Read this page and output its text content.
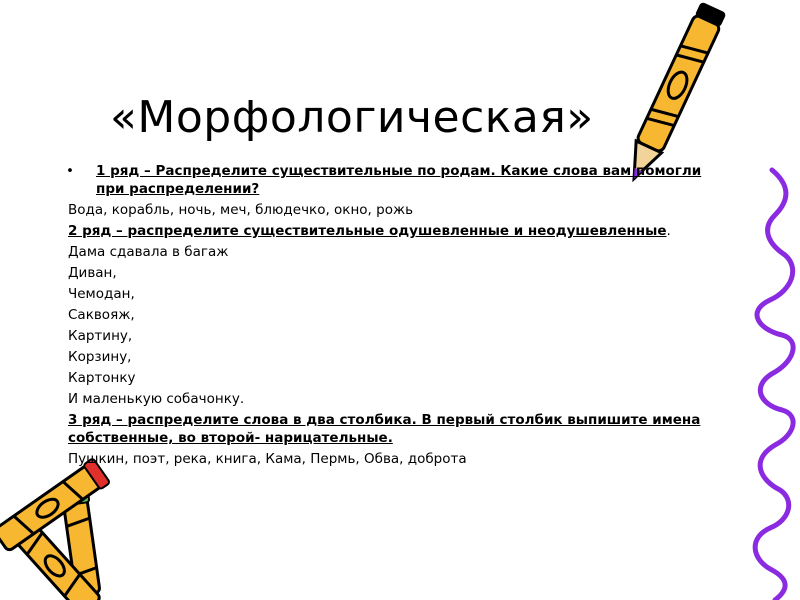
«Морфологическая»
• 1 ряд – Распределите существительные по родам. Какие слова вам помогли при распределении?
Вода, корабль, ночь, меч, блюдечко, окно, рожь
2 ряд – распределите существительные одушевленные и неодушевленные.
Дама сдавала в багаж
Диван,
Чемодан,
Саквояж,
Картину,
Корзину,
Картонку
И маленькую собачонку.
3 ряд – распределите слова в два столбика. В первый столбик выпишите имена собственные, во второй- нарицательные.
Пушкин, поэт, река, книга, Кама, Пермь, Обва, доброта
